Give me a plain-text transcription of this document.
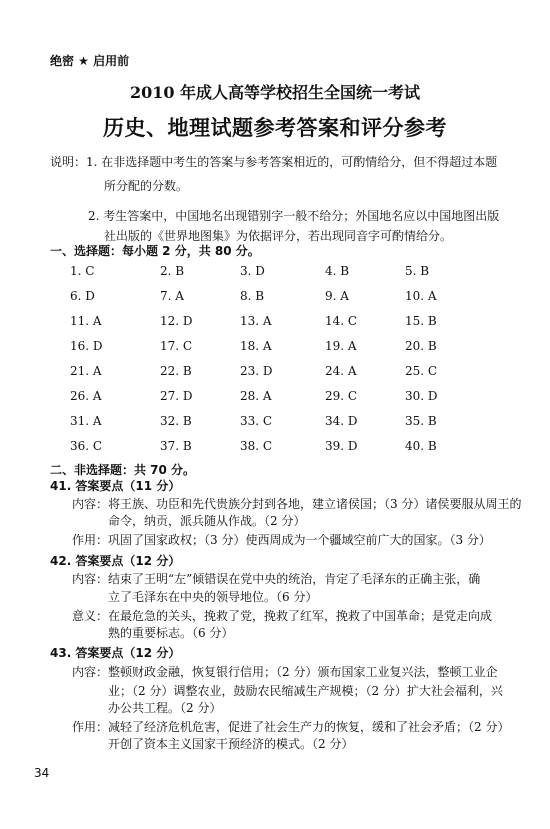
绝密 ★ 启用前
2010 年成人高等学校招生全国统一考试
历史、地理试题参考答案和评分参考
说明：1. 在非选择题中考生的答案与参考答案相近的，可酌情给分，但不得超过本题
所分配的分数。
2. 考生答案中，中国地名出现错别字一般不给分；外国地名应以中国地图出版
社出版的《世界地图集》为依据评分，若出现同音字可酌情给分。
一、选择题：每小题 2 分，共 80 分。
1. C	2. B	3. D	4. B	5. B
6. D	7. A	8. B	9. A	10. A
11. A	12. D	13. A	14. C	15. B
16. D	17. C	18. A	19. A	20. B
21. A	22. B	23. D	24. A	25. C
26. A	27. D	28. A	29. C	30. D
31. A	32. B	33. C	34. D	35. B
36. C	37. B	38. C	39. D	40. B
二、非选择题：共 70 分。
41. 答案要点（11 分）
内容：将王族、功臣和先代贵族分封到各地，建立诸侯国；（3 分）诸侯要服从周王的
命令，纳贡，派兵随从作战。（2 分）
作用：巩固了国家政权；（3 分）使西周成为一个疆域空前广大的国家。（3 分）
42. 答案要点（12 分）
内容：结束了王明“左”倾错误在党中央的统治，肯定了毛泽东的正确主张，确
立了毛泽东在中央的领导地位。（6 分）
意义：在最危急的关头，挽救了党，挽救了红军，挽救了中国革命；是党走向成
熟的重要标志。（6 分）
43. 答案要点（12 分）
内容：整顿财政金融，恢复银行信用；（2 分）颁布国家工业复兴法，整顿工业企
业；（2 分）调整农业，鼓励农民缩减生产规模；（2 分）扩大社会福利，兴
办公共工程。（2 分）
作用：减轻了经济危机危害，促进了社会生产力的恢复，缓和了社会矛盾；（2 分）
开创了资本主义国家干预经济的模式。（2 分）
34
